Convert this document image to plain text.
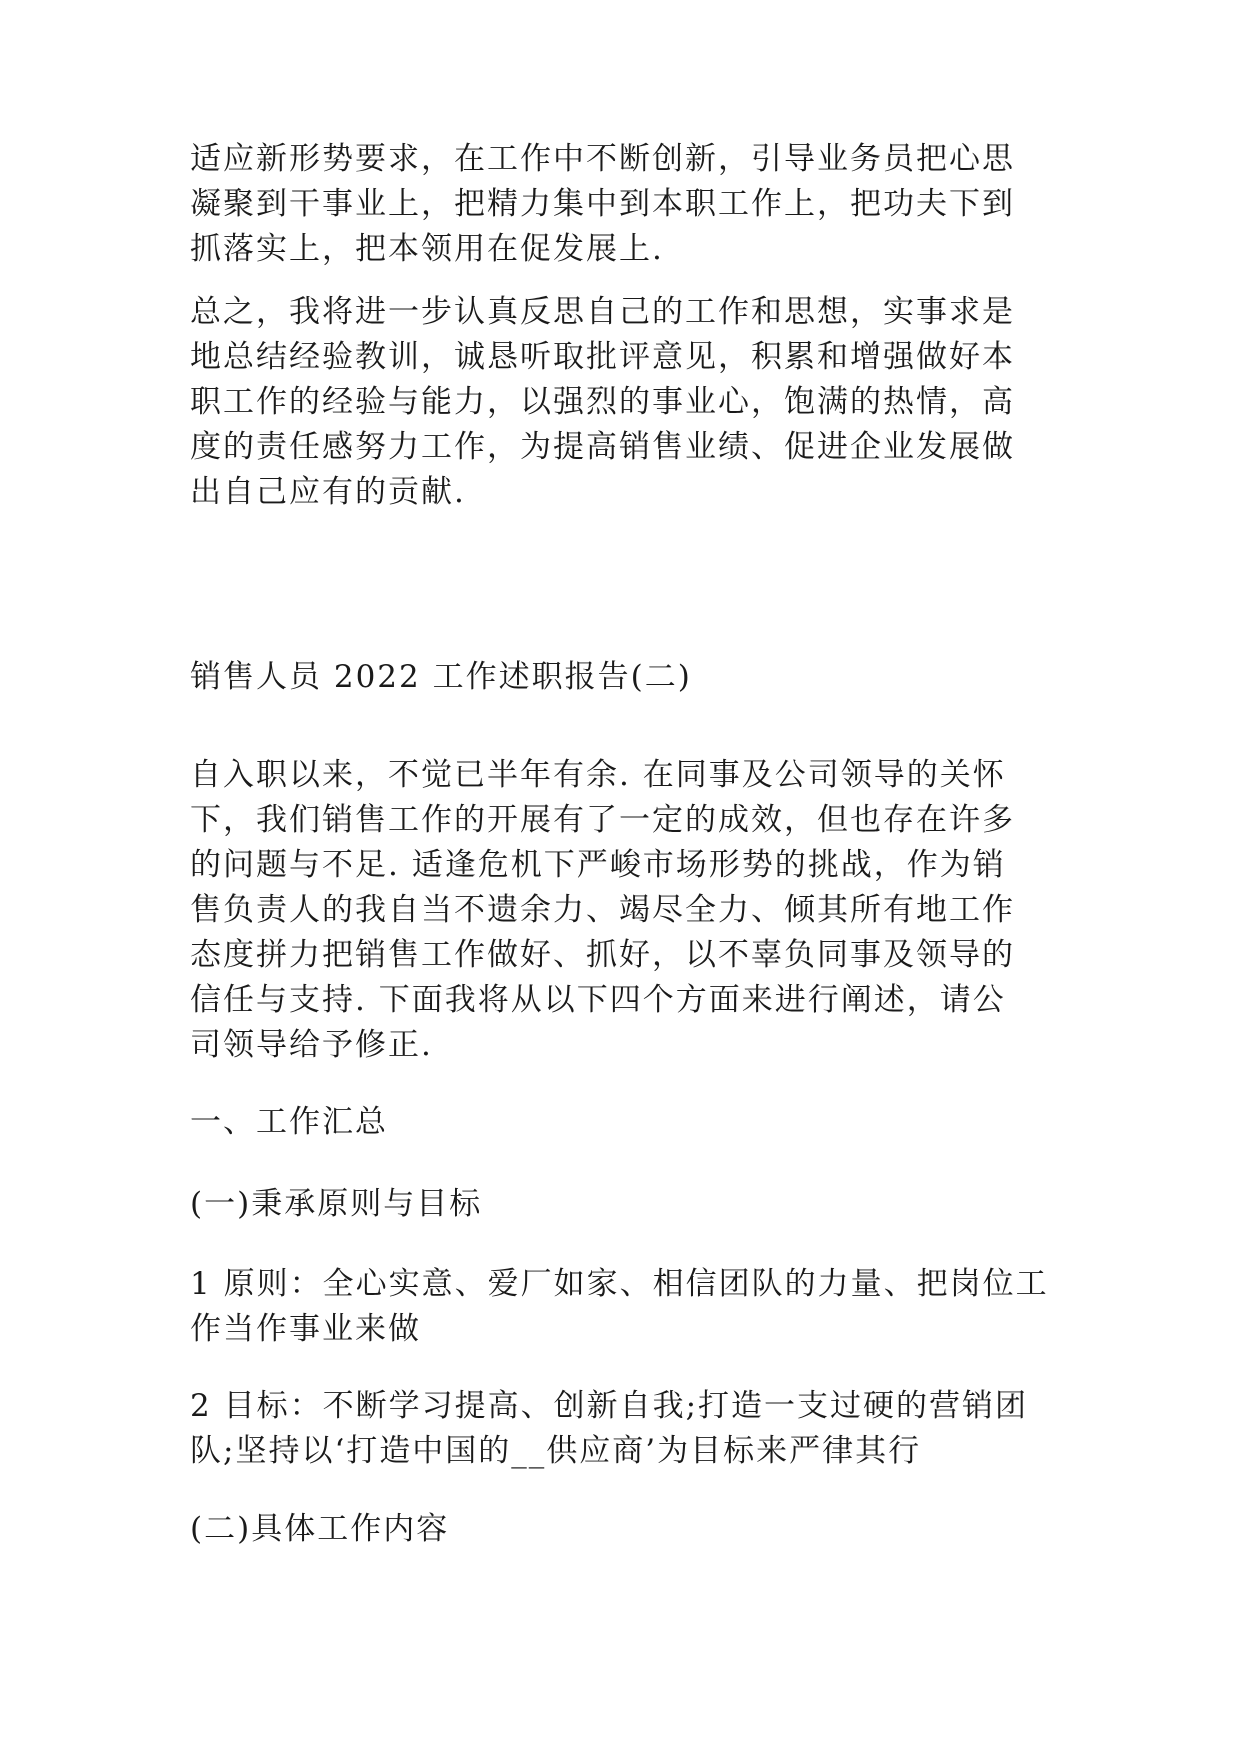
适应新形势要求，在工作中不断创新，引导业务员把心思
凝聚到干事业上，把精力集中到本职工作上，把功夫下到
抓落实上，把本领用在促发展上.

总之，我将进一步认真反思自己的工作和思想，实事求是
地总结经验教训，诚恳听取批评意见，积累和增强做好本
职工作的经验与能力，以强烈的事业心，饱满的热情，高
度的责任感努力工作，为提高销售业绩、促进企业发展做
出自己应有的贡献.

销售人员 2022 工作述职报告(二)

自入职以来，不觉已半年有余. 在同事及公司领导的关怀
下，我们销售工作的开展有了一定的成效，但也存在许多
的问题与不足. 适逢危机下严峻市场形势的挑战，作为销
售负责人的我自当不遗余力、竭尽全力、倾其所有地工作
态度拼力把销售工作做好、抓好，以不辜负同事及领导的
信任与支持. 下面我将从以下四个方面来进行阐述，请公
司领导给予修正.

一、工作汇总

(一)秉承原则与目标

1 原则：全心实意、爱厂如家、相信团队的力量、把岗位工
作当作事业来做

2 目标：不断学习提高、创新自我;打造一支过硬的营销团
队;坚持以‘打造中国的__供应商’为目标来严律其行

(二)具体工作内容
